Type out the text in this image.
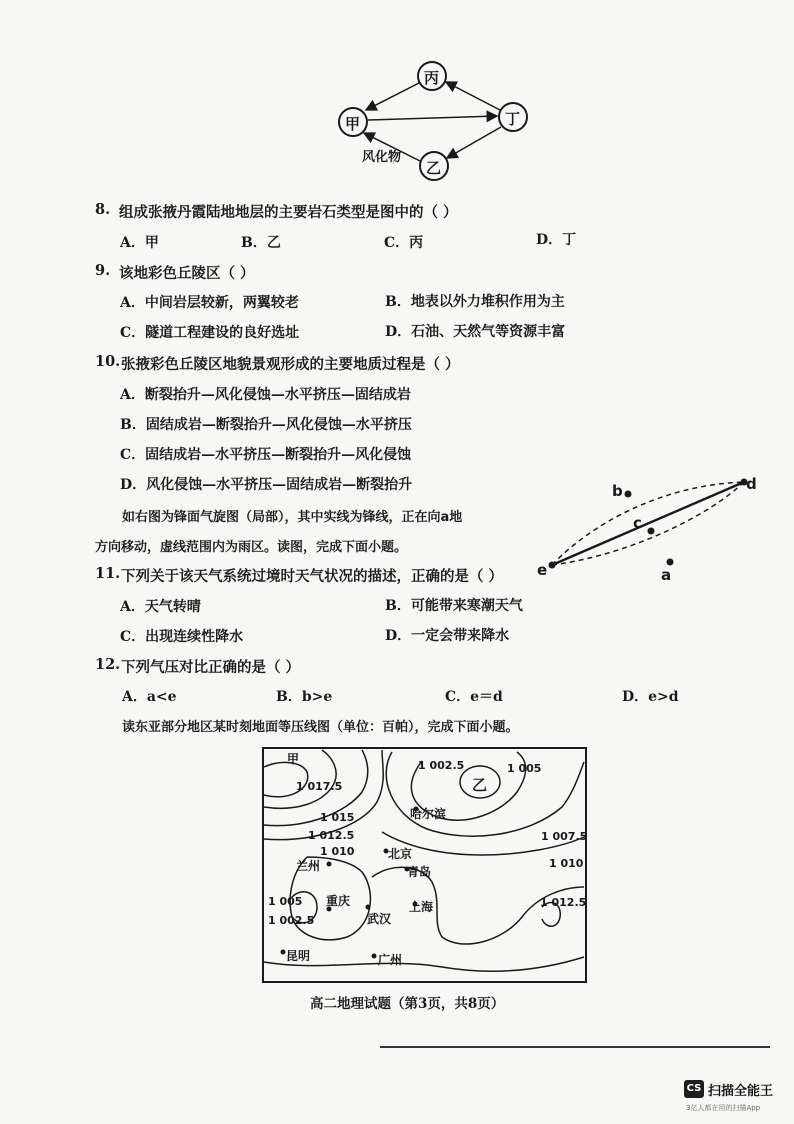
丙
甲	丁
乙
风化物
8. 组成张掖丹霞陆地地层的主要岩石类型是图中的（ ）
A．甲	B．乙	C．丙	D．丁
9. 该地彩色丘陵区（ ）
A．中间岩层较新，两翼较老	B．地表以外力堆积作用为主
C．隧道工程建设的良好选址	D．石油、天然气等资源丰富
10. 张掖彩色丘陵区地貌景观形成的主要地质过程是（ ）
A．断裂抬升—风化侵蚀—水平挤压—固结成岩
B．固结成岩—断裂抬升—风化侵蚀—水平挤压
C．固结成岩—水平挤压—断裂抬升—风化侵蚀
D．风化侵蚀—水平挤压—固结成岩—断裂抬升
如右图为锋面气旋图（局部），其中实线为锋线，正在向a地
方向移动，虚线范围内为雨区。读图，完成下面小题。
b	d
c
e	a
11. 下列关于该天气系统过境时天气状况的描述，正确的是（ ）
A．天气转晴	B．可能带来寒潮天气
C．出现连续性降水	D．一定会带来降水
12. 下列气压对比正确的是（ ）
A．a<e	B．b>e	C．e＝d	D．e>d
读东亚部分地区某时刻地面等压线图（单位：百帕），完成下面小题。
甲
乙
1 002.5	1 005
1 017.5
1 015
1 012.5
1 010
1 007.5
1 010
1 005
1 002.5
1 012.5
哈尔滨
北京
兰州	青岛
重庆
武汉
上海
昆明	广州
高二地理试题（第3页，共8页）
CS 扫描全能王
3亿人都在用的扫描App
